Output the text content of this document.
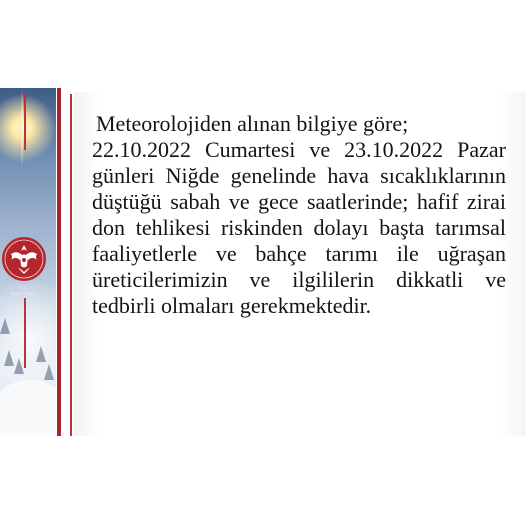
T.C.
Niğde Valiliği

Meteorolojiden alınan bilgiye göre;

22.10.2022 Cumartesi ve 23.10.2022 Pazar günleri Niğde genelinde hava sıcaklıklarının düştüğü sabah ve gece saatlerinde; hafif zirai don tehlikesi riskinden dolayı başta tarımsal faaliyetlerle ve bahçe tarımı ile uğraşan üreticilerimizin ve ilgililerin dikkatli ve tedbirli olmaları gerekmektedir.
